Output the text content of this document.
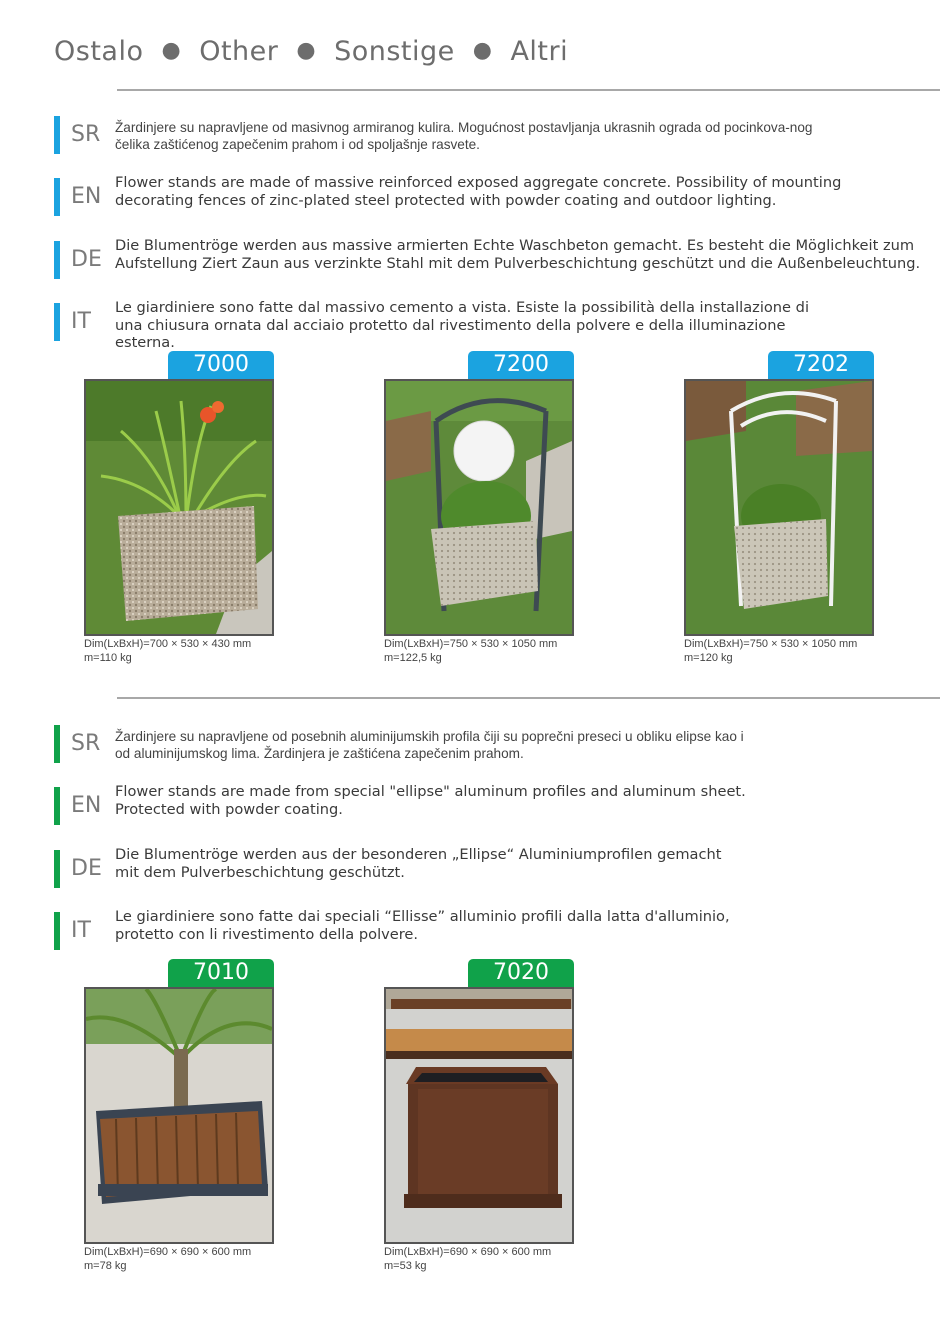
Ostalo ● Other ● Sonstige ● Altri
SR Žardinjere su napravljene od masivnog armiranog kulira. Mogućnost postavljanja ukrasnih ograda od pocinkova-nog čelika zaštićenog zapečenim prahom i od spoljašnje rasvete.
EN
Flower stands are made of massive reinforced exposed aggregate concrete. Possibility of mounting decorating fences of zinc-plated steel protected with powder coating and outdoor lighting.
DE
Die Blumentröge werden aus massive armierten Echte Waschbeton gemacht. Es besteht die Möglichkeit zum Aufstellung Ziert Zaun aus verzinkte Stahl mit dem Pulverbeschichtung geschützt und die Außenbeleuchtung.
IT
Le giardiniere sono fatte dal massivo cemento a vista. Esiste la possibilità della installazione di una chiusura ornata dal acciaio protetto dal rivestimento della polvere e della illuminazione esterna.
7000
Dim(LxBxH)=700 × 530 × 430 mm
m=110 kg
7200
Dim(LxBxH)=750 × 530 × 1050 mm
m=122,5 kg
7202
Dim(LxBxH)=750 × 530 × 1050 mm
m=120 kg
SR Žardinjere su napravljene od posebnih aluminijumskih profila čiji su poprečni preseci u obliku elipse kao i od aluminijumskog lima. Žardinjera je zaštićena zapečenim prahom.
EN
Flower stands are made from special "ellipse" aluminum profiles and aluminum sheet. Protected with powder coating.
DE
Die Blumentröge werden aus der besonderen „Ellipse“ Aluminiumprofilen gemacht mit dem Pulverbeschichtung geschützt.
IT
Le giardiniere sono fatte dai speciali “Ellisse” alluminio profili dalla latta d'alluminio, protetto con li rivestimento della polvere.
7010
Dim(LxBxH)=690 × 690 × 600 mm
m=78 kg
7020
Dim(LxBxH)=690 × 690 × 600 mm
m=53 kg
